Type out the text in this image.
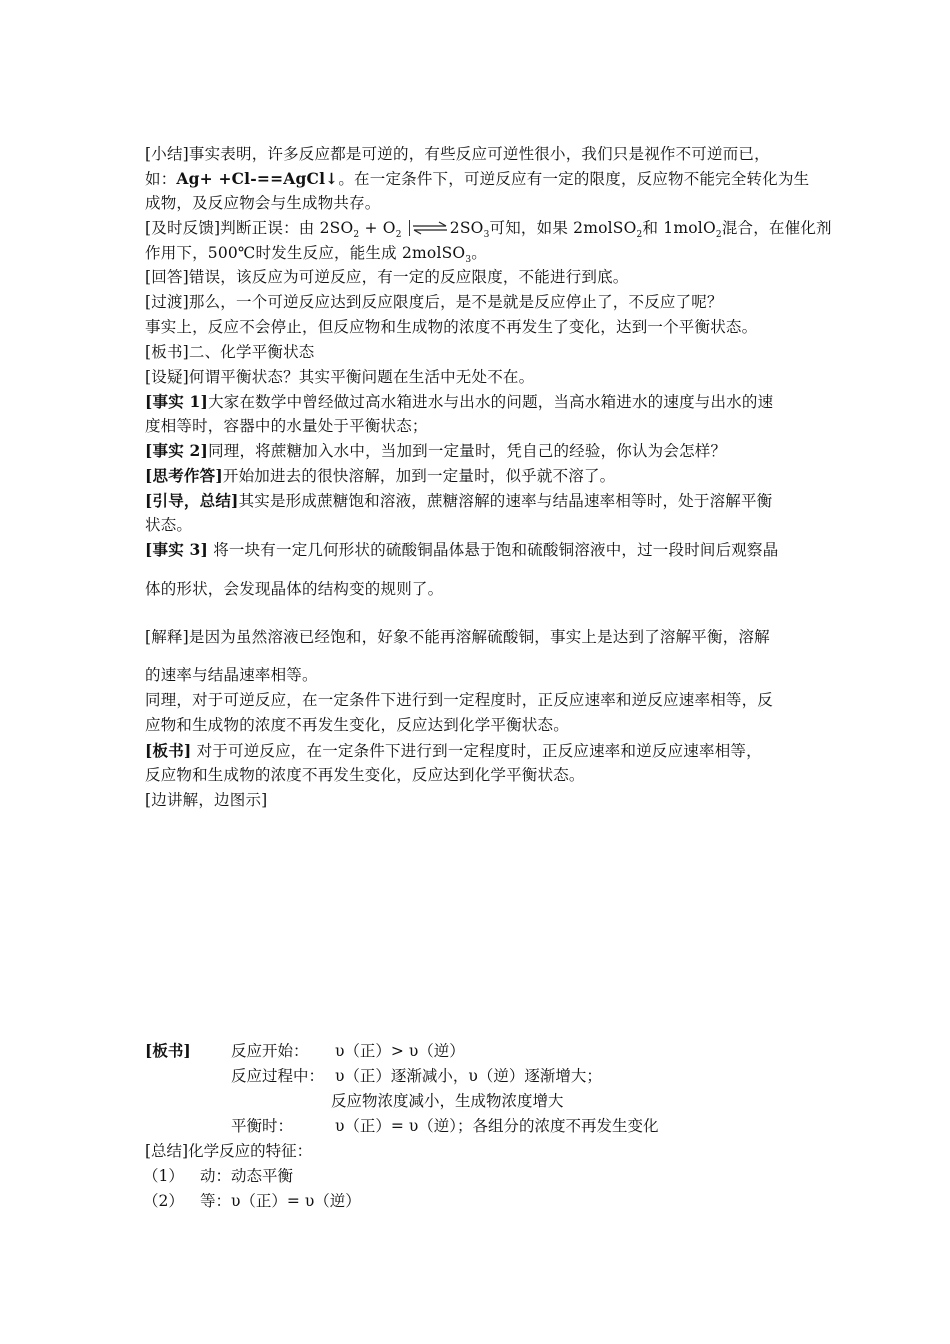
[小结]事实表明，许多反应都是可逆的，有些反应可逆性很小，我们只是视作不可逆而已，
如：Ag+ +Cl-==AgCl↓。在一定条件下，可逆反应有一定的限度，反应物不能完全转化为生
成物，及反应物会与生成物共存。
[及时反馈]判断正误：由 $2SO_2 + O_2$ ⇌ $2SO_3$可知，如果 2molSO$_2$和 1molO$_2$混合，在催化剂
作用下，500℃时发生反应，能生成 2molSO$_3$。
[回答]错误，该反应为可逆反应，有一定的反应限度，不能进行到底。
[过渡]那么，一个可逆反应达到反应限度后，是不是就是反应停止了，不反应了呢？
事实上，反应不会停止，但反应物和生成物的浓度不再发生了变化，达到一个平衡状态。
[板书]二、化学平衡状态
[设疑]何谓平衡状态？其实平衡问题在生活中无处不在。
[事实 1]大家在数学中曾经做过高水箱进水与出水的问题，当高水箱进水的速度与出水的速
度相等时，容器中的水量处于平衡状态；
[事实 2]同理，将蔗糖加入水中，当加到一定量时，凭自己的经验，你认为会怎样？
[思考作答]开始加进去的很快溶解，加到一定量时，似乎就不溶了。
[引导，总结]其实是形成蔗糖饱和溶液，蔗糖溶解的速率与结晶速率相等时，处于溶解平衡
状态。
[事实 3] 将一块有一定几何形状的硫酸铜晶体悬于饱和硫酸铜溶液中，过一段时间后观察晶
体的形状，会发现晶体的结构变的规则了。
[解释]是因为虽然溶液已经饱和，好象不能再溶解硫酸铜，事实上是达到了溶解平衡，溶解
的速率与结晶速率相等。
同理，对于可逆反应，在一定条件下进行到一定程度时，正反应速率和逆反应速率相等，反
应物和生成物的浓度不再发生变化，反应达到化学平衡状态。
[板书] 对于可逆反应，在一定条件下进行到一定程度时，正反应速率和逆反应速率相等，
反应物和生成物的浓度不再发生变化，反应达到化学平衡状态。
[边讲解，边图示]
[板书]	反应开始： υ（正）> υ（逆）
反应过程中： υ（正）逐渐减小，υ（逆）逐渐增大；
反应物浓度减小，生成物浓度增大
平衡时：	υ（正）= υ（逆）；各组分的浓度不再发生变化
[总结]化学反应的特征：
（1） 动：动态平衡
（2） 等：υ（正）= υ（逆）
